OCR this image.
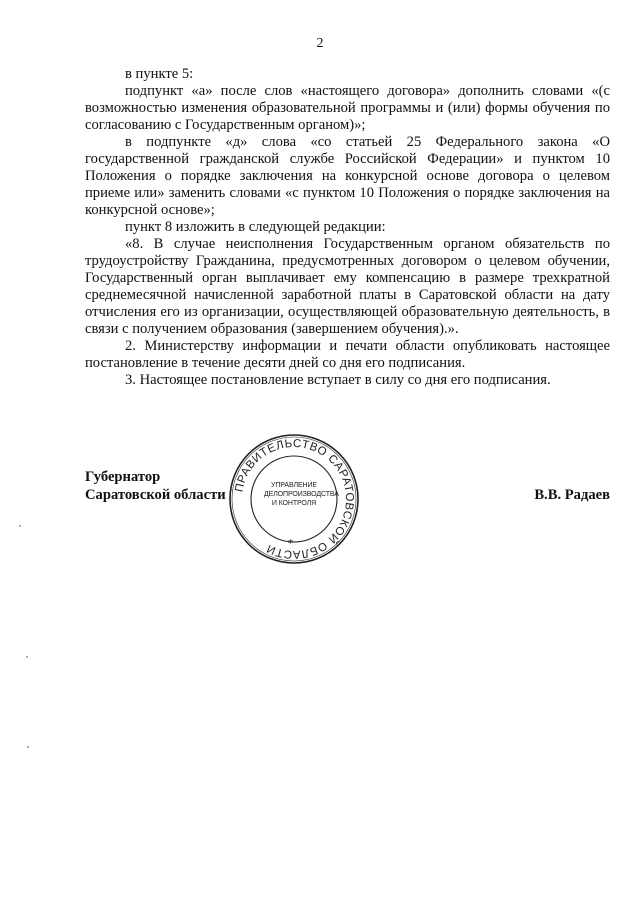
2

в пункте 5:

подпункт «а» после слов «настоящего договора» дополнить словами «(с возможностью изменения образовательной программы и (или) формы обучения по согласованию с Государственным органом)»;

в подпункте «д» слова «со статьей 25 Федерального закона «О государственной гражданской службе Российской Федерации» и пунктом 10 Положения о порядке заключения на конкурсной основе договора о целевом приеме или» заменить словами «с пунктом 10 Положения о порядке заключения на конкурсной основе»;

пункт 8 изложить в следующей редакции:

«8. В случае неисполнения Государственным органом обязательств по трудоустройству Гражданина, предусмотренных договором о целевом обучении, Государственный орган выплачивает ему компенсацию в размере трехкратной среднемесячной начисленной заработной платы в Саратовской области на дату отчисления его из организации, осуществляющей образовательную деятельность, в связи с получением образования (завершением обучения).».

2. Министерству информации и печати области опубликовать настоящее постановление в течение десяти дней со дня его подписания.

3. Настоящее постановление вступает в силу со дня его подписания.

Губернатор
Саратовской области	В.В. Радаев
ПРАВИТЕЛЬСТВО САРАТОВСКОЙ ОБЛАСТИ
УПРАВЛЕНИЕ
ДЕЛОПРОИЗВОДСТВА
И КОНТРОЛЯ
*
